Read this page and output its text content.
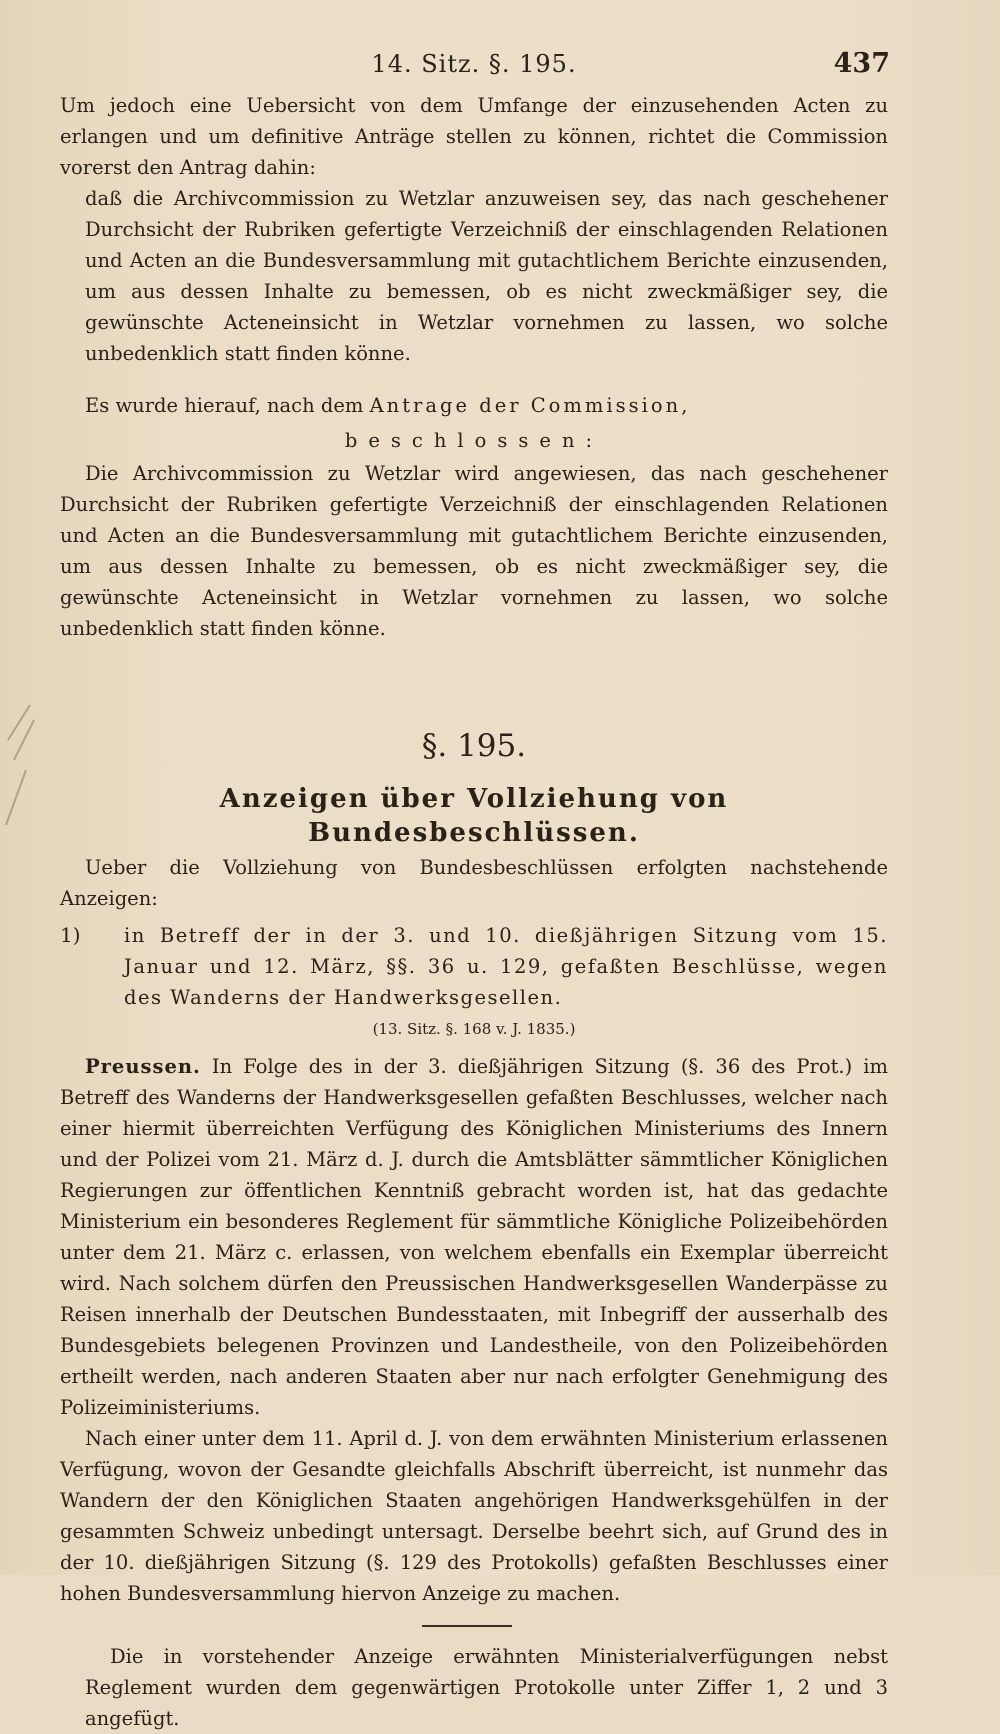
14. Sitz. §. 195.	437

Um jedoch eine Uebersicht von dem Umfange der einzusehenden Acten zu erlangen und um definitive Anträge stellen zu können, richtet die Commission vorerst den Antrag dahin:

daß die Archivcommission zu Wetzlar anzuweisen sey, das nach geschehener Durchsicht der Rubriken gefertigte Verzeichniß der einschlagenden Relationen und Acten an die Bundesversammlung mit gutachtlichem Berichte einzusenden, um aus dessen Inhalte zu bemessen, ob es nicht zweckmäßiger sey, die gewünschte Acteneinsicht in Wetzlar vornehmen zu lassen, wo solche unbedenklich statt finden könne.

Es wurde hierauf, nach dem Antrage der Commission,

beschlossen:

Die Archivcommission zu Wetzlar wird angewiesen, das nach geschehener Durchsicht der Rubriken gefertigte Verzeichniß der einschlagenden Relationen und Acten an die Bundesversammlung mit gutachtlichem Berichte einzusenden, um aus dessen Inhalte zu bemessen, ob es nicht zweckmäßiger sey, die gewünschte Acteneinsicht in Wetzlar vornehmen zu lassen, wo solche unbedenklich statt finden könne.

§. 195.
Anzeigen über Vollziehung von Bundesbeschlüssen.

Ueber die Vollziehung von Bundesbeschlüssen erfolgten nachstehende Anzeigen:

1)	in Betreff der in der 3. und 10. dießjährigen Sitzung vom 15. Januar und 12. März, §§. 36 u. 129, gefaßten Beschlüsse, wegen des Wanderns der Handwerksgesellen.

(13. Sitz. §. 168 v. J. 1835.)

Preussen. In Folge des in der 3. dießjährigen Sitzung (§. 36 des Prot.) im Betreff des Wanderns der Handwerksgesellen gefaßten Beschlusses, welcher nach einer hiermit überreichten Verfügung des Königlichen Ministeriums des Innern und der Polizei vom 21. März d. J. durch die Amtsblätter sämmtlicher Königlichen Regierungen zur öffentlichen Kenntniß gebracht worden ist, hat das gedachte Ministerium ein besonderes Reglement für sämmtliche Königliche Polizeibehörden unter dem 21. März c. erlassen, von welchem ebenfalls ein Exemplar überreicht wird. Nach solchem dürfen den Preussischen Handwerksgesellen Wanderpässe zu Reisen innerhalb der Deutschen Bundesstaaten, mit Inbegriff der ausserhalb des Bundesgebiets belegenen Provinzen und Landestheile, von den Polizeibehörden ertheilt werden, nach anderen Staaten aber nur nach erfolgter Genehmigung des Polizeiministeriums.

Nach einer unter dem 11. April d. J. von dem erwähnten Ministerium erlassenen Verfügung, wovon der Gesandte gleichfalls Abschrift überreicht, ist nunmehr das Wandern der den Königlichen Staaten angehörigen Handwerksgehülfen in der gesammten Schweiz unbedingt untersagt. Derselbe beehrt sich, auf Grund des in der 10. dießjährigen Sitzung (§. 129 des Protokolls) gefaßten Beschlusses einer hohen Bundesversammlung hiervon Anzeige zu machen.

Die in vorstehender Anzeige erwähnten Ministerialverfügungen nebst Reglement wurden dem gegenwärtigen Protokolle unter Ziffer 1, 2 und 3 angefügt.
